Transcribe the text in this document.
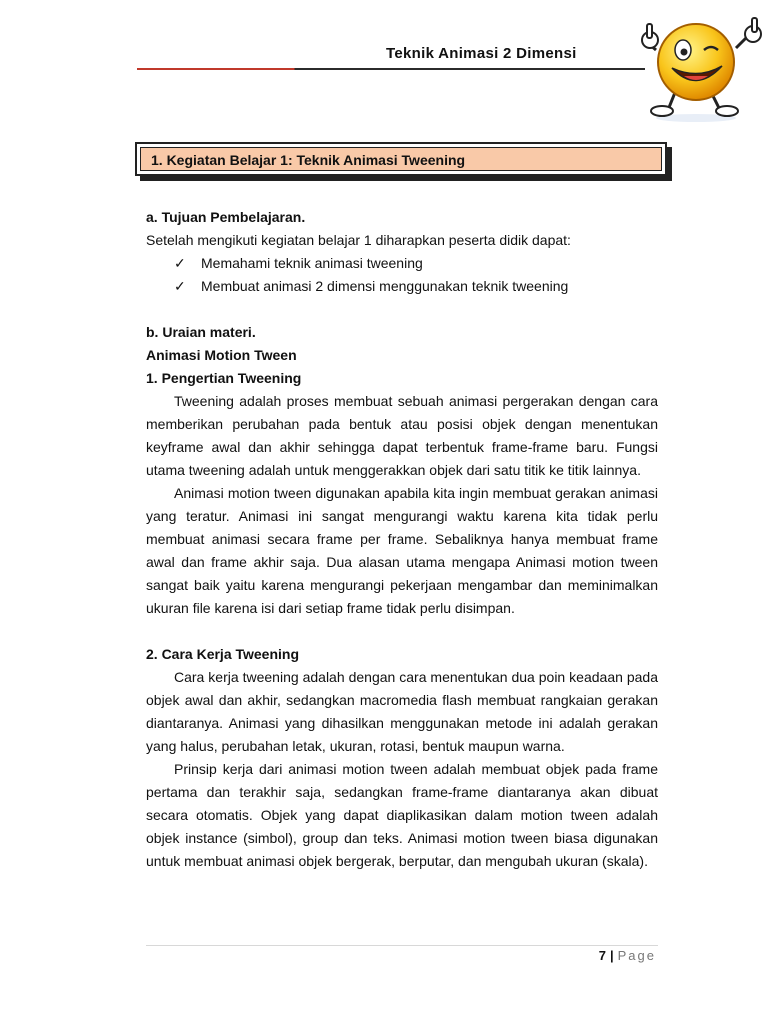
Teknik Animasi 2 Dimensi
1. Kegiatan Belajar 1: Teknik Animasi Tweening
a. Tujuan Pembelajaran.
Setelah mengikuti kegiatan belajar 1 diharapkan peserta didik dapat:
✓ Memahami teknik animasi tweening
✓ Membuat animasi 2 dimensi menggunakan teknik tweening
b. Uraian materi.
Animasi Motion Tween
1. Pengertian Tweening

Tweening adalah proses membuat sebuah animasi pergerakan dengan cara memberikan perubahan pada bentuk atau posisi objek dengan menentukan keyframe awal dan akhir sehingga dapat terbentuk frame-frame baru. Fungsi utama tweening adalah untuk menggerakkan objek dari satu titik ke titik lainnya.

Animasi motion tween digunakan apabila kita ingin membuat gerakan animasi yang teratur. Animasi ini sangat mengurangi waktu karena kita tidak perlu membuat animasi secara frame per frame. Sebaliknya hanya membuat frame awal dan frame akhir saja. Dua alasan utama mengapa Animasi motion tween sangat baik yaitu karena mengurangi pekerjaan mengambar dan meminimalkan ukuran file karena isi dari setiap frame tidak perlu disimpan.

2. Cara Kerja Tweening

Cara kerja tweening adalah dengan cara menentukan dua poin keadaan pada objek awal dan akhir, sedangkan macromedia flash membuat rangkaian gerakan diantaranya. Animasi yang dihasilkan menggunakan metode ini adalah gerakan yang halus, perubahan letak, ukuran, rotasi, bentuk maupun warna.

Prinsip kerja dari animasi motion tween adalah membuat objek pada frame pertama dan terakhir saja, sedangkan frame-frame diantaranya akan dibuat secara otomatis. Objek yang dapat diaplikasikan dalam motion tween adalah objek instance (simbol), group dan teks. Animasi motion tween biasa digunakan untuk membuat animasi objek bergerak, berputar, dan mengubah ukuran (skala).

7 | Page
